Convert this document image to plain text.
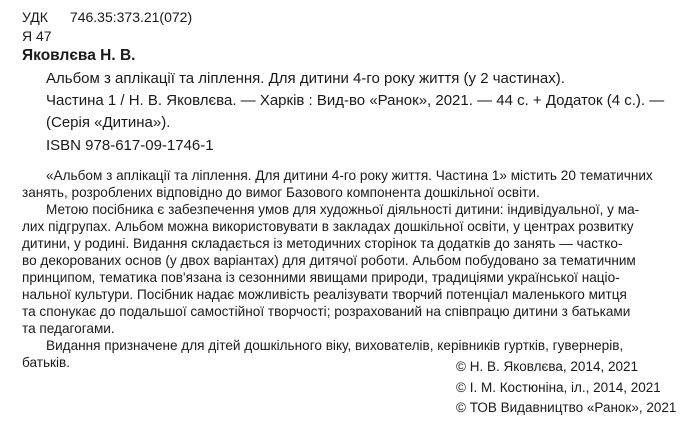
УДК 746.35:373.21(072)
Я 47
Яковлєва Н. В.
Альбом з аплікації та ліплення. Для дитини 4-го року життя (у 2 частинах).
Частина 1 / Н. В. Яковлєва. — Харків : Вид-во «Ранок», 2021. — 44 с. + Додаток (4 с.). —
(Серія «Дитина»).
ISBN 978-617-09-1746-1
«Альбом з аплікації та ліплення. Для дитини 4-го року життя. Частина 1» містить 20 тематичних
занять, розроблених відповідно до вимог Базового компонента дошкільної освіти.
Метою посібника є забезпечення умов для художньої діяльності дитини: індивідуальної, у ма-
лих підгрупах. Альбом можна використовувати в закладах дошкільної освіти, у центрах розвитку
дитини, у родині. Видання складається із методичних сторінок та додатків до занять — частко-
во декорованих основ (у двох варіантах) для дитячої роботи. Альбом побудовано за тематичним
принципом, тематика пов'язана із сезонними явищами природи, традиціями української націо-
нальної культури. Посібник надає можливість реалізувати творчий потенціал маленького митця
та спонукає до подальшої самостійної творчості; розрахований на співпрацю дитини з батьками
та педагогами.
Видання призначене для дітей дошкільного віку, вихователів, керівників гуртків, гувернерів,
батьків.	© Н. В. Яковлєва, 2014, 2021
© І. М. Костюніна, іл., 2014, 2021
© ТОВ Видавництво «Ранок», 2021
